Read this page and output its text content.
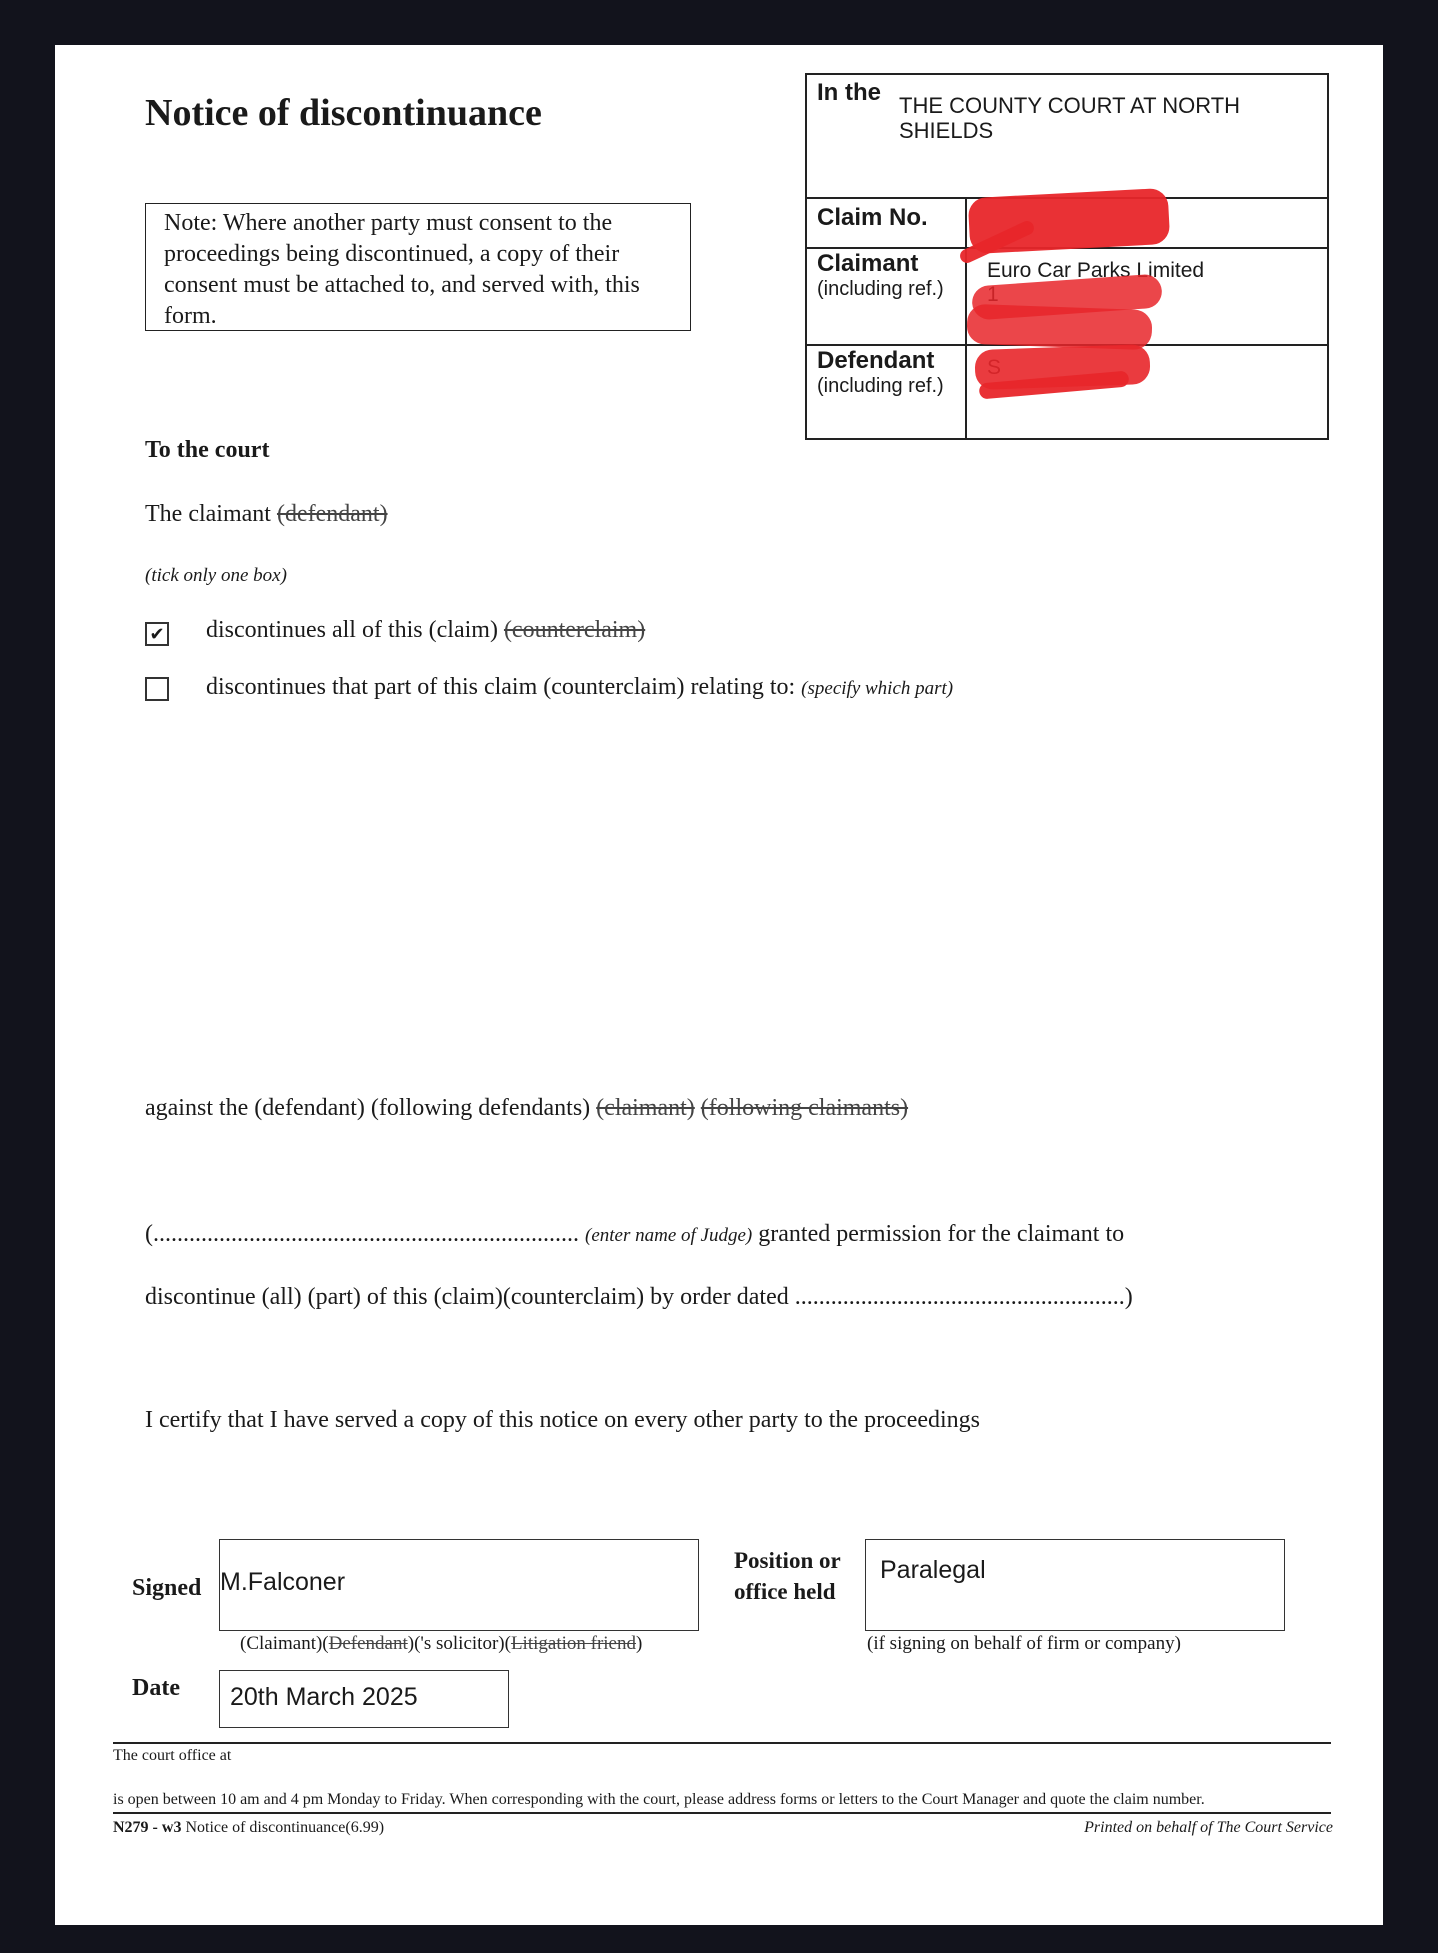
Notice of discontinuance
Note: Where another party must consent to the proceedings being discontinued, a copy of their consent must be attached to, and served with, this form.
In the THE COUNTY COURT AT NORTH SHIELDS
Claim No.
Claimant
(including ref.)
Euro Car Parks Limited

Defendant
(including ref.)
To the court
The claimant (defendant)
(tick only one box)
✔ discontinues all of this (claim) (counterclaim)
discontinues that part of this claim (counterclaim) relating to: (specify which part)
against the (defendant) (following defendants) (claimant) (following claimants)
(....................................................................... (enter name of Judge) granted permission for the claimant to
discontinue (all) (part) of this (claim)(counterclaim) by order dated .......................................................)
I certify that I have served a copy of this notice on every other party to the proceedings
Signed M.Falconer
(Claimant)(Defendant)('s solicitor)(Litigation friend)
Position or
office held
Paralegal
(if signing on behalf of firm or company)
Date	20th March 2025
The court office at
is open between 10 am and 4 pm Monday to Friday. When corresponding with the court, please address forms or letters to the Court Manager and quote the claim number.
N279 - w3 Notice of discontinuance(6.99)	Printed on behalf of The Court Service
